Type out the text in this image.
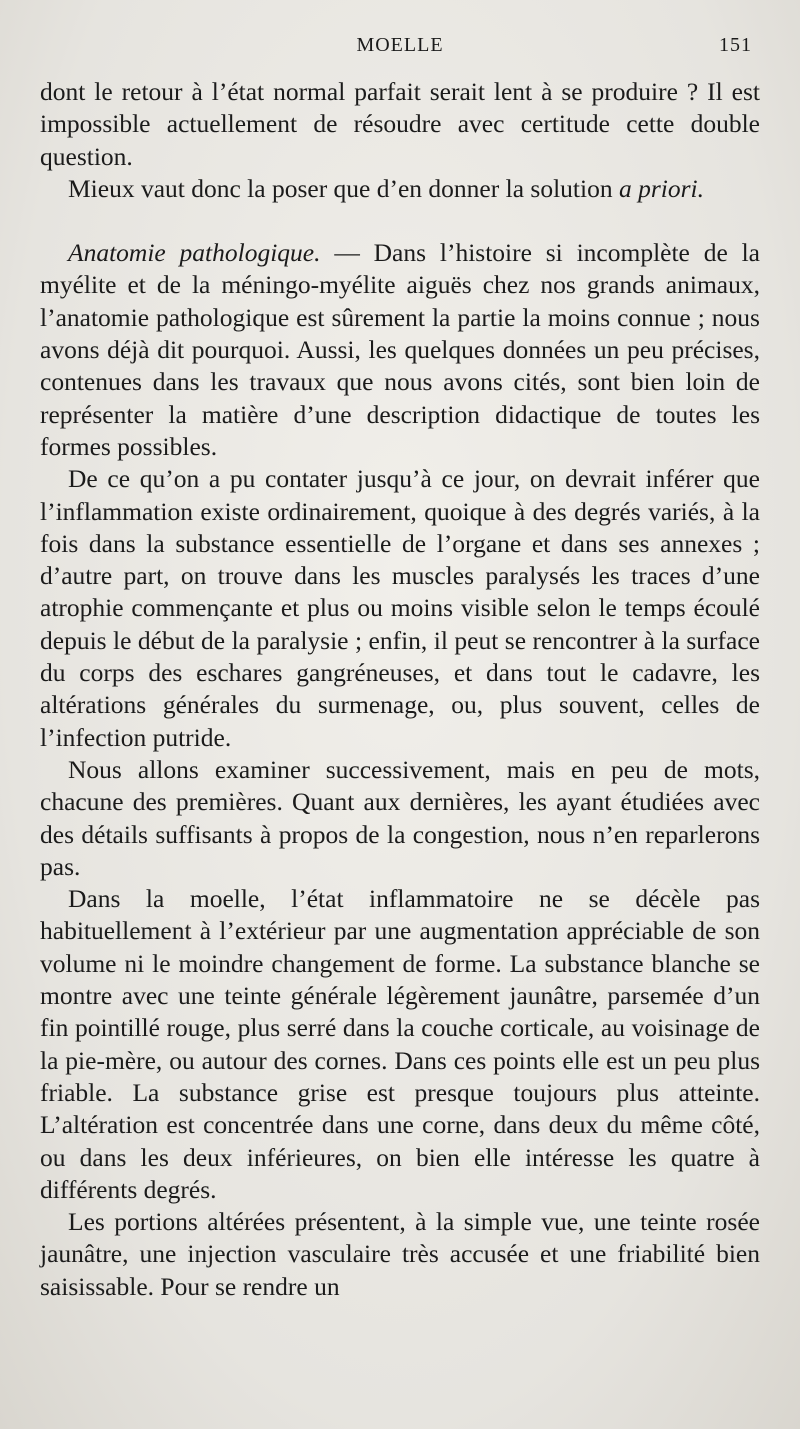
MOELLE	151

dont le retour à l’état normal parfait serait lent à se produire ? Il est impossible actuellement de résoudre avec certitude cette double question.

Mieux vaut donc la poser que d’en donner la solution a priori.

Anatomie pathologique. — Dans l’histoire si incomplète de la myélite et de la méningo-myélite aiguës chez nos grands animaux, l’anatomie pathologique est sûrement la partie la moins connue ; nous avons déjà dit pourquoi. Aussi, les quelques données un peu précises, contenues dans les travaux que nous avons cités, sont bien loin de représenter la matière d’une description didactique de toutes les formes possibles.

De ce qu’on a pu contater jusqu’à ce jour, on devrait inférer que l’inflammation existe ordinairement, quoique à des degrés variés, à la fois dans la substance essentielle de l’organe et dans ses annexes ; d’autre part, on trouve dans les muscles paralysés les traces d’une atrophie commençante et plus ou moins visible selon le temps écoulé depuis le début de la paralysie ; enfin, il peut se rencontrer à la surface du corps des eschares gangréneuses, et dans tout le cadavre, les altérations générales du surmenage, ou, plus souvent, celles de l’infection putride.

Nous allons examiner successivement, mais en peu de mots, chacune des premières. Quant aux dernières, les ayant étudiées avec des détails suffisants à propos de la congestion, nous n’en reparlerons pas.

Dans la moelle, l’état inflammatoire ne se décèle pas habituellement à l’extérieur par une augmentation appréciable de son volume ni le moindre changement de forme. La substance blanche se montre avec une teinte générale légèrement jaunâtre, parsemée d’un fin pointillé rouge, plus serré dans la couche corticale, au voisinage de la pie-mère, ou autour des cornes. Dans ces points elle est un peu plus friable. La substance grise est presque toujours plus atteinte. L’altération est concentrée dans une corne, dans deux du même côté, ou dans les deux inférieures, on bien elle intéresse les quatre à différents degrés.

Les portions altérées présentent, à la simple vue, une teinte rosée jaunâtre, une injection vasculaire très accusée et une friabilité bien saisissable. Pour se rendre un
